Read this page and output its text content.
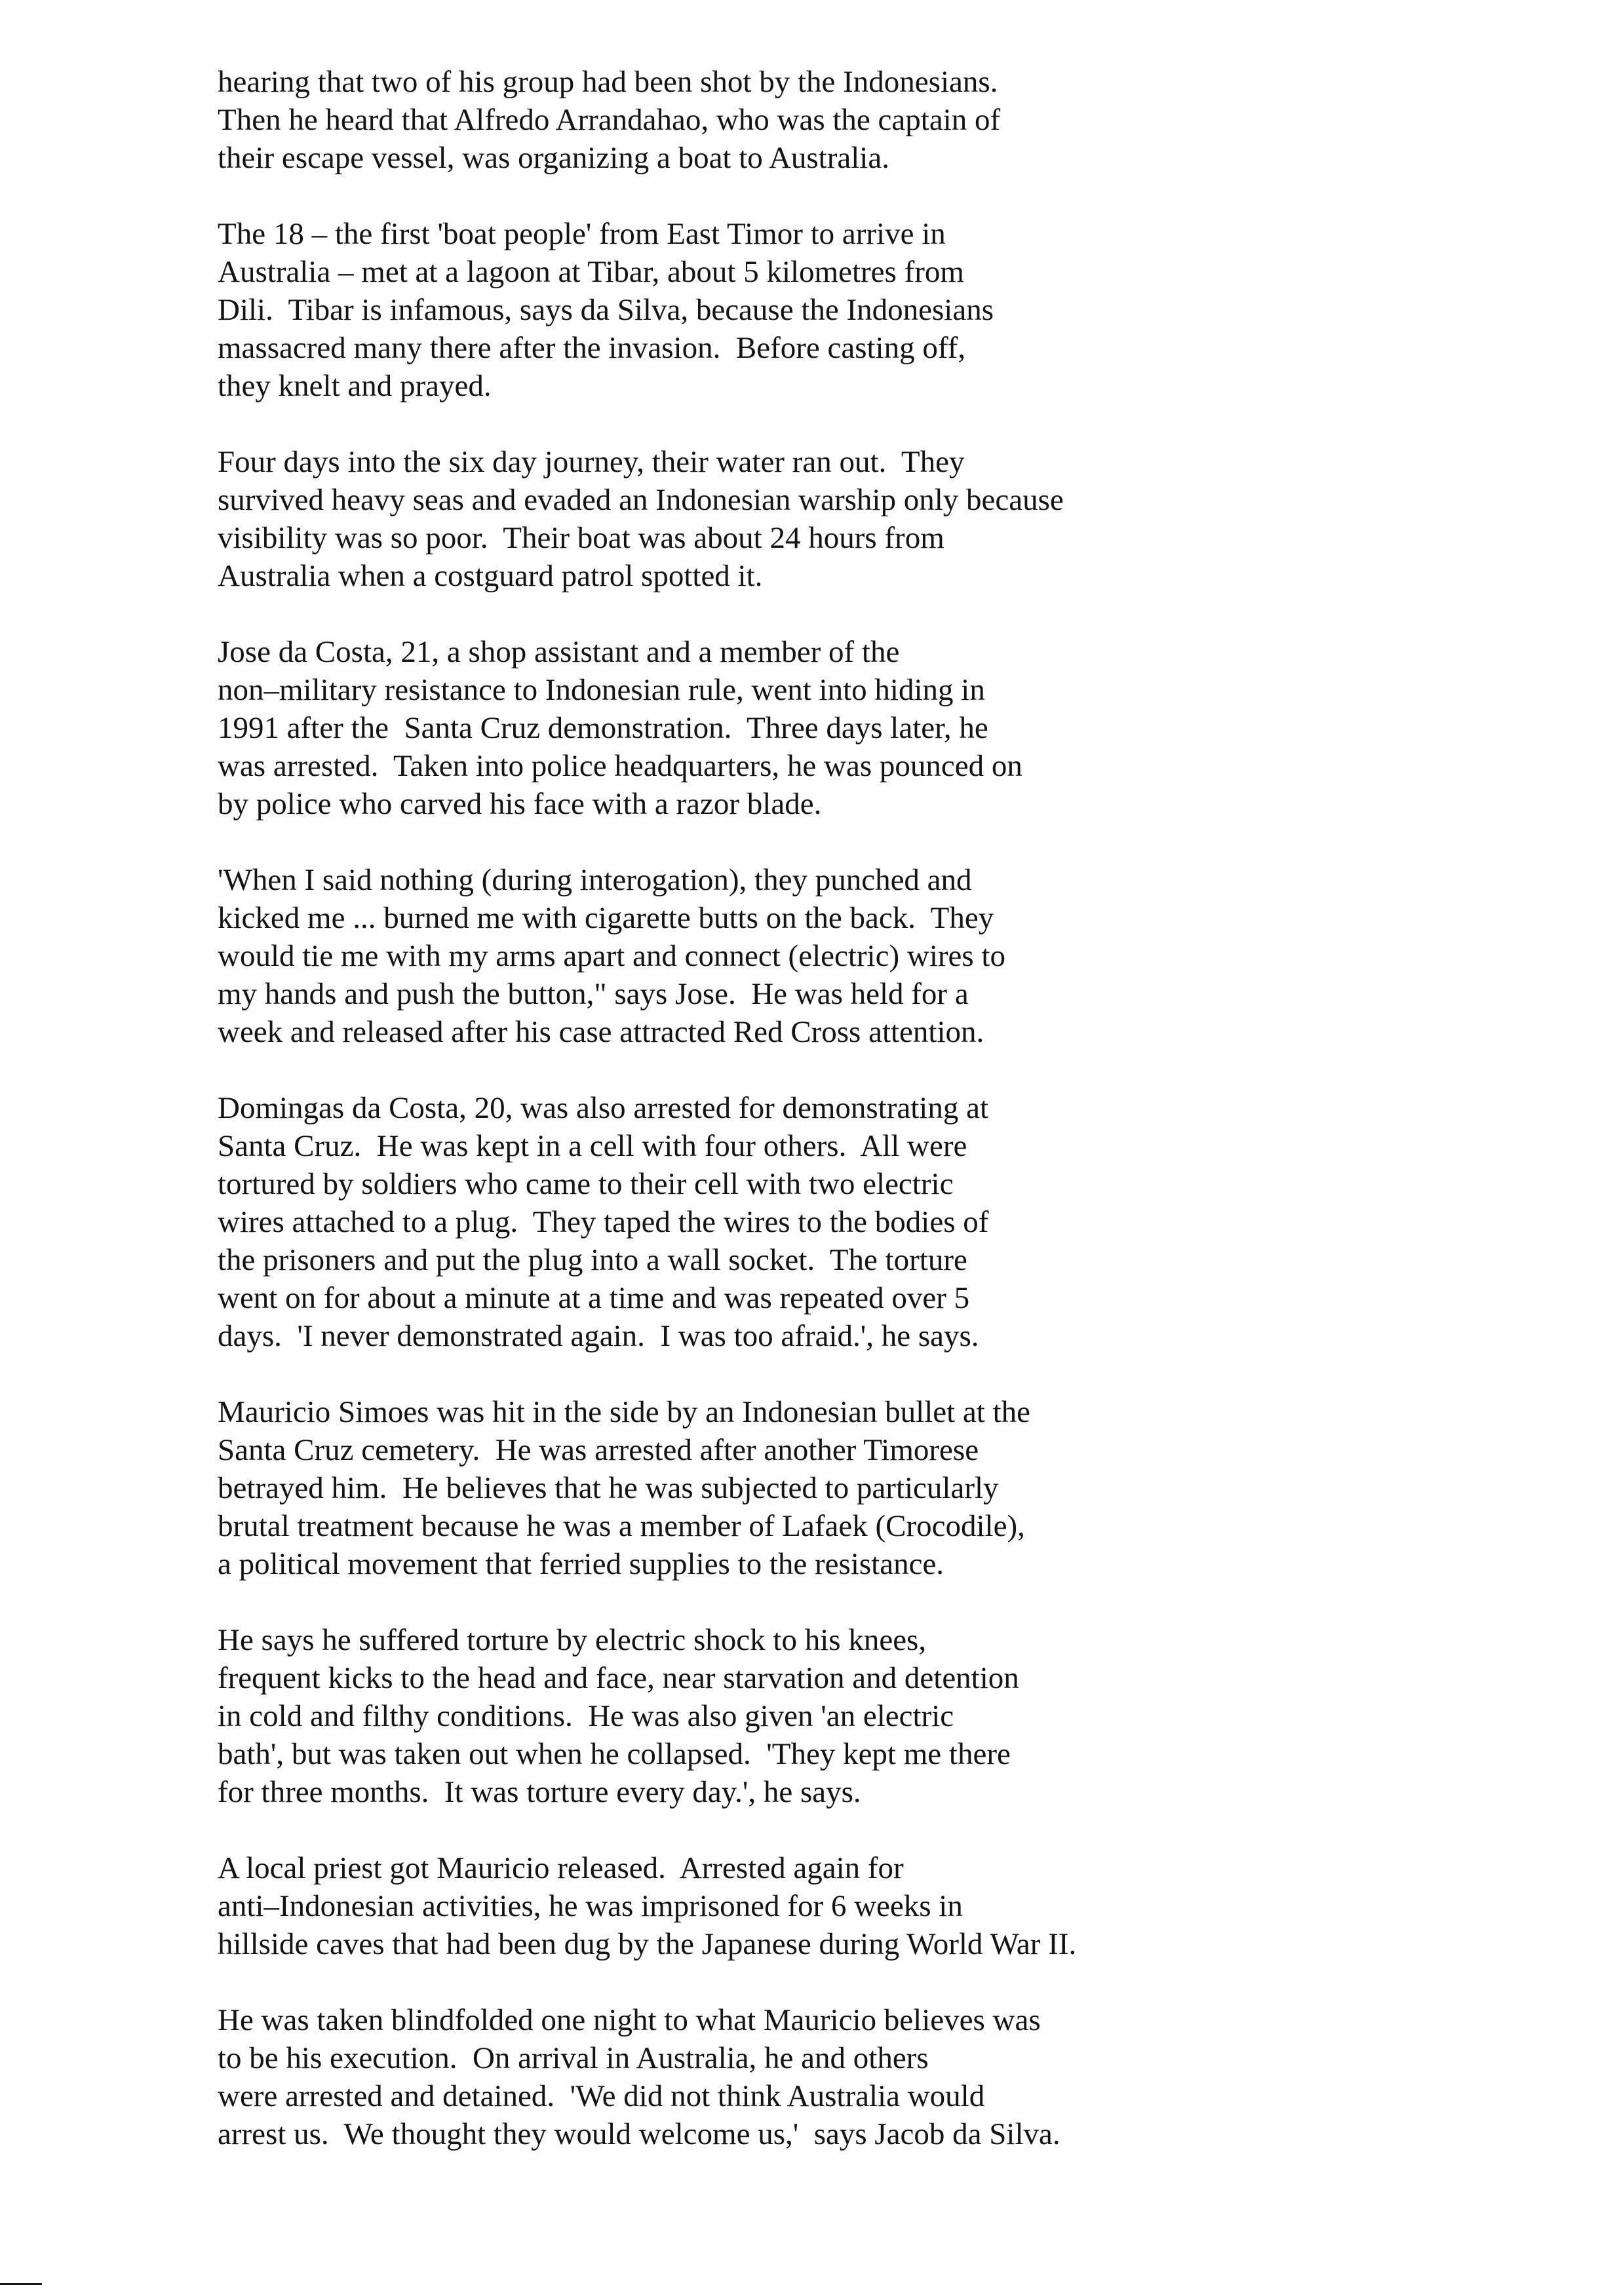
hearing that two of his group had been shot by the Indonesians.
Then he heard that Alfredo Arrandahao, who was the captain of
their escape vessel, was organizing a boat to Australia.

The 18 – the first 'boat people' from East Timor to arrive in
Australia – met at a lagoon at Tibar, about 5 kilometres from
Dili.  Tibar is infamous, says da Silva, because the Indonesians
massacred many there after the invasion.  Before casting off,
they knelt and prayed.

Four days into the six day journey, their water ran out.  They
survived heavy seas and evaded an Indonesian warship only because
visibility was so poor.  Their boat was about 24 hours from
Australia when a costguard patrol spotted it.

Jose da Costa, 21, a shop assistant and a member of the
non–military resistance to Indonesian rule, went into hiding in
1991 after the  Santa Cruz demonstration.  Three days later, he
was arrested.  Taken into police headquarters, he was pounced on
by police who carved his face with a razor blade.

'When I said nothing (during interogation), they punched and
kicked me ... burned me with cigarette butts on the back.  They
would tie me with my arms apart and connect (electric) wires to
my hands and push the button," says Jose.  He was held for a
week and released after his case attracted Red Cross attention.

Domingas da Costa, 20, was also arrested for demonstrating at
Santa Cruz.  He was kept in a cell with four others.  All were
tortured by soldiers who came to their cell with two electric
wires attached to a plug.  They taped the wires to the bodies of
the prisoners and put the plug into a wall socket.  The torture
went on for about a minute at a time and was repeated over 5
days.  'I never demonstrated again.  I was too afraid.', he says.

Mauricio Simoes was hit in the side by an Indonesian bullet at the
Santa Cruz cemetery.  He was arrested after another Timorese
betrayed him.  He believes that he was subjected to particularly
brutal treatment because he was a member of Lafaek (Crocodile),
a political movement that ferried supplies to the resistance.

He says he suffered torture by electric shock to his knees,
frequent kicks to the head and face, near starvation and detention
in cold and filthy conditions.  He was also given 'an electric
bath', but was taken out when he collapsed.  'They kept me there
for three months.  It was torture every day.', he says.

A local priest got Mauricio released.  Arrested again for
anti–Indonesian activities, he was imprisoned for 6 weeks in
hillside caves that had been dug by the Japanese during World War II.

He was taken blindfolded one night to what Mauricio believes was
to be his execution.  On arrival in Australia, he and others
were arrested and detained.  'We did not think Australia would
arrest us.  We thought they would welcome us,'  says Jacob da Silva.
